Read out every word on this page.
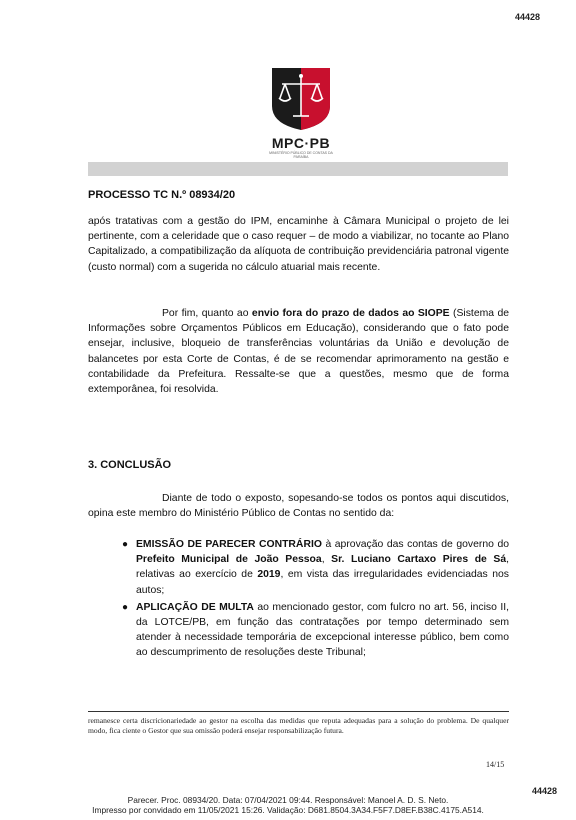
44428
MPC·PB
MINISTÉRIO PÚBLICO DE CONTAS DA PARAÍBA
PROCESSO TC N.º 08934/20
após tratativas com a gestão do IPM, encaminhe à Câmara Municipal o projeto de lei pertinente, com a celeridade que o caso requer – de modo a viabilizar, no tocante ao Plano Capitalizado, a compatibilização da alíquota de contribuição previdenciária patronal vigente (custo normal) com a sugerida no cálculo atuarial mais recente.
Por fim, quanto ao envio fora do prazo de dados ao SIOPE (Sistema de Informações sobre Orçamentos Públicos em Educação), considerando que o fato pode ensejar, inclusive, bloqueio de transferências voluntárias da União e devolução de balancetes por esta Corte de Contas, é de se recomendar aprimoramento na gestão e contabilidade da Prefeitura. Ressalte-se que a questões, mesmo que de forma extemporânea, foi resolvida.
3. CONCLUSÃO
Diante de todo o exposto, sopesando-se todos os pontos aqui discutidos, opina este membro do Ministério Público de Contas no sentido da:
● EMISSÃO DE PARECER CONTRÁRIO à aprovação das contas de governo do Prefeito Municipal de João Pessoa, Sr. Luciano Cartaxo Pires de Sá, relativas ao exercício de 2019, em vista das irregularidades evidenciadas nos autos;
● APLICAÇÃO DE MULTA ao mencionado gestor, com fulcro no art. 56, inciso II, da LOTCE/PB, em função das contratações por tempo determinado sem atender à necessidade temporária de excepcional interesse público, bem como ao descumprimento de resoluções deste Tribunal;
remanesce certa discricionariedade ao gestor na escolha das medidas que reputa adequadas para a solução do problema. De qualquer modo, fica ciente o Gestor que sua omissão poderá ensejar responsabilização futura.
14/15
44428
Parecer. Proc. 08934/20. Data: 07/04/2021 09:44. Responsável: Manoel A. D. S. Neto.
Impresso por convidado em 11/05/2021 15:26. Validação: D681.8504.3A34.F5F7.D8EF.B38C.4175.A514.
